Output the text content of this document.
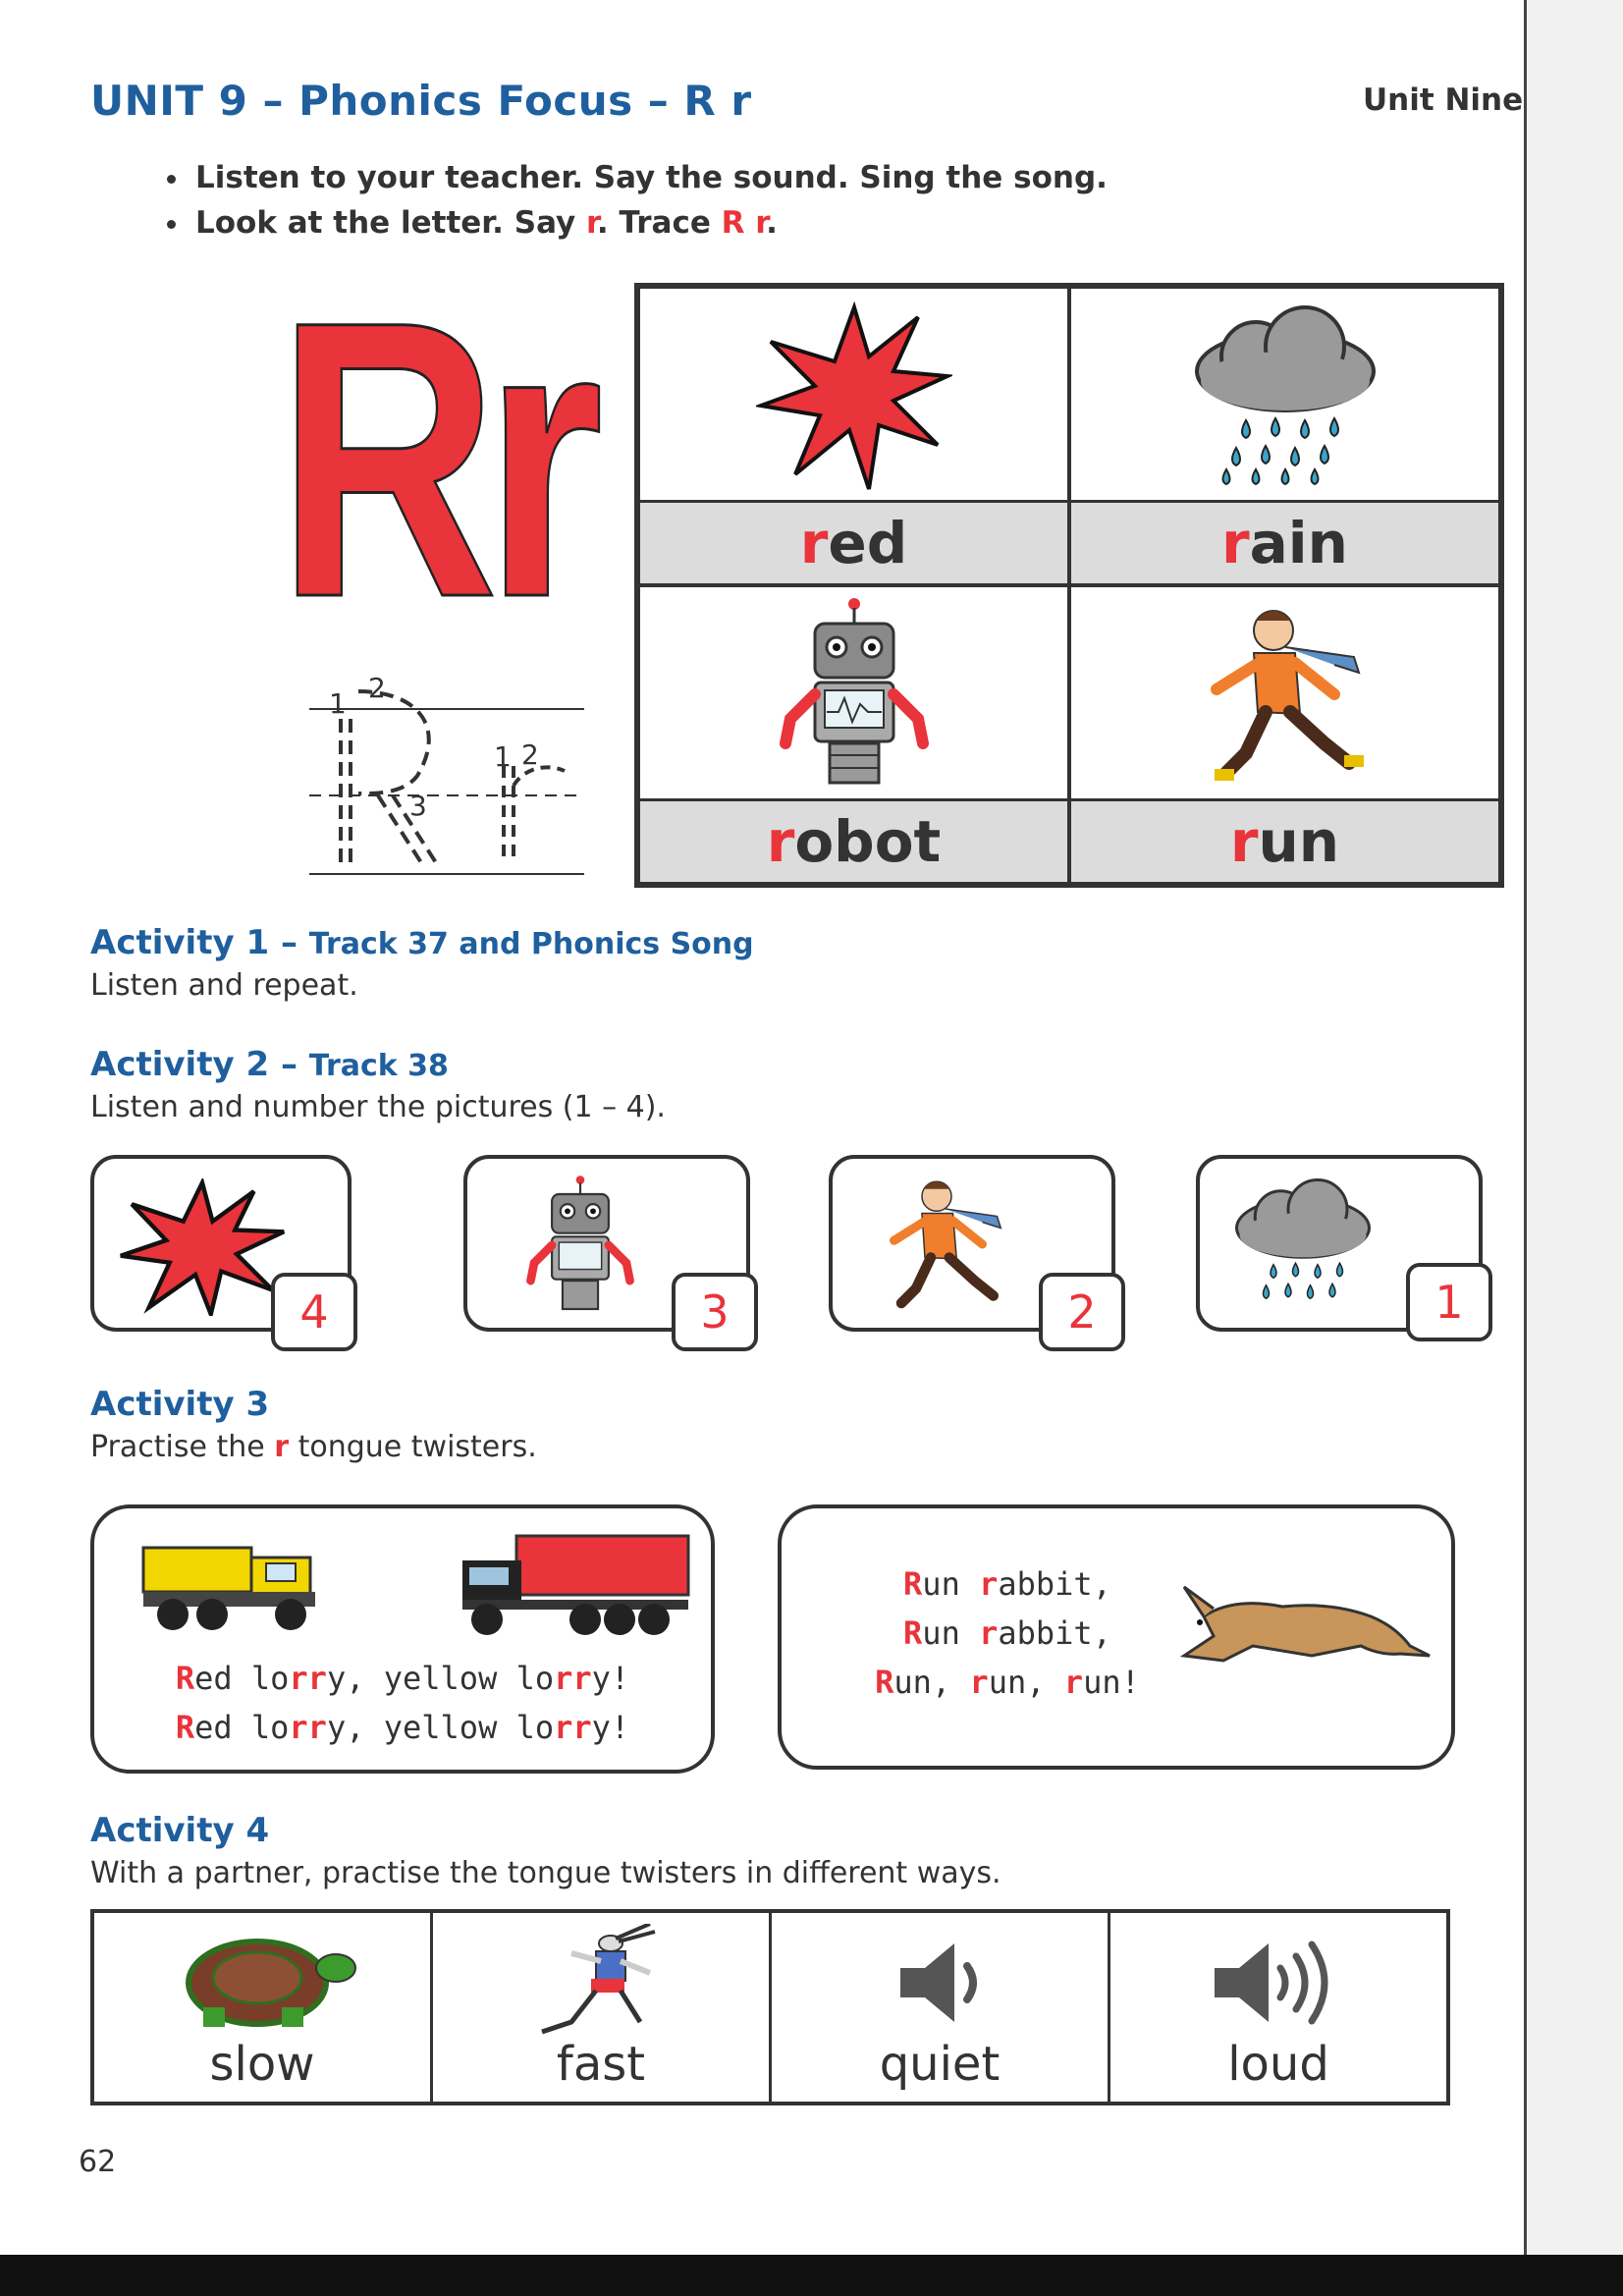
UNIT 9 – Phonics Focus – R r	Unit Nine
• Listen to your teacher. Say the sound. Sing the song.
• Look at the letter. Say r. Trace R r.
Rr
1 2
3
1 2
red	rain
robot	run
Activity 1 – Track 37 and Phonics Song
Listen and repeat.
Activity 2 – Track 38
Listen and number the pictures (1 – 4).
4	3	2	1
Activity 3
Practise the r tongue twisters.
Red lorry, yellow lorry!
Red lorry, yellow lorry!
Run rabbit,
Run rabbit,
Run, run, run!
Activity 4
With a partner, practise the tongue twisters in different ways.
slow	fast	quiet	loud
62
